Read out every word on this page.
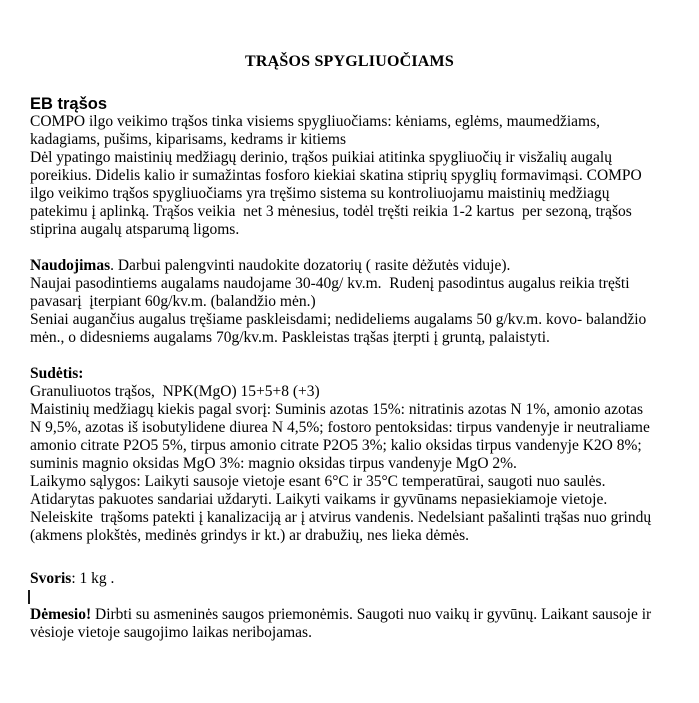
TRĄŠOS SPYGLIUOČIAMS
EB trąšos
COMPO ilgo veikimo trąšos tinka visiems spygliuočiams: kėniams, eglėms, maumedžiams,
kadagiams, pušims, kiparisams, kedrams ir kitiems
Dėl ypatingo maistinių medžiagų derinio, trąšos puikiai atitinka spygliuočių ir visžalių augalų
poreikius. Didelis kalio ir sumažintas fosforo kiekiai skatina stiprių spyglių formavimąsi. COMPO
ilgo veikimo trąšos spygliuočiams yra tręšimo sistema su kontroliuojamu maistinių medžiagų
patekimu į aplinką. Trąšos veikia  net 3 mėnesius, todėl tręšti reikia 1-2 kartus  per sezoną, trąšos
stiprina augalų atsparumą ligoms.
Naudojimas. Darbui palengvinti naudokite dozatorių ( rasite dėžutės viduje).
Naujai pasodintiems augalams naudojame 30-40g/ kv.m.  Rudenį pasodintus augalus reikia tręšti
pavasarį  įterpiant 60g/kv.m. (balandžio mėn.)
Seniai augančius augalus tręšiame paskleisdami; nedideliems augalams 50 g/kv.m. kovo- balandžio
mėn., o didesniems augalams 70g/kv.m. Paskleistas trąšas įterpti į gruntą, palaistyti.
Sudėtis:
Granuliuotos trąšos,  NPK(MgO) 15+5+8 (+3)
Maistinių medžiagų kiekis pagal svorį: Suminis azotas 15%: nitratinis azotas N 1%, amonio azotas
N 9,5%, azotas iš isobutylidene diurea N 4,5%; fostoro pentoksidas: tirpus vandenyje ir neutraliame
amonio citrate P2O5 5%, tirpus amonio citrate P2O5 3%; kalio oksidas tirpus vandenyje K2O 8%;
suminis magnio oksidas MgO 3%: magnio oksidas tirpus vandenyje MgO 2%.
Laikymo sąlygos: Laikyti sausoje vietoje esant 6°C ir 35°C temperatūrai, saugoti nuo saulės.
Atidarytas pakuotes sandariai uždaryti. Laikyti vaikams ir gyvūnams nepasiekiamoje vietoje.
Neleiskite  trąšoms patekti į kanalizaciją ar į atvirus vandenis. Nedelsiant pašalinti trąšas nuo grindų
(akmens plokštės, medinės grindys ir kt.) ar drabužių, nes lieka dėmės.
Svoris: 1 kg .
Dėmesio! Dirbti su asmeninės saugos priemonėmis. Saugoti nuo vaikų ir gyvūnų. Laikant sausoje ir
vėsioje vietoje saugojimo laikas neribojamas.
